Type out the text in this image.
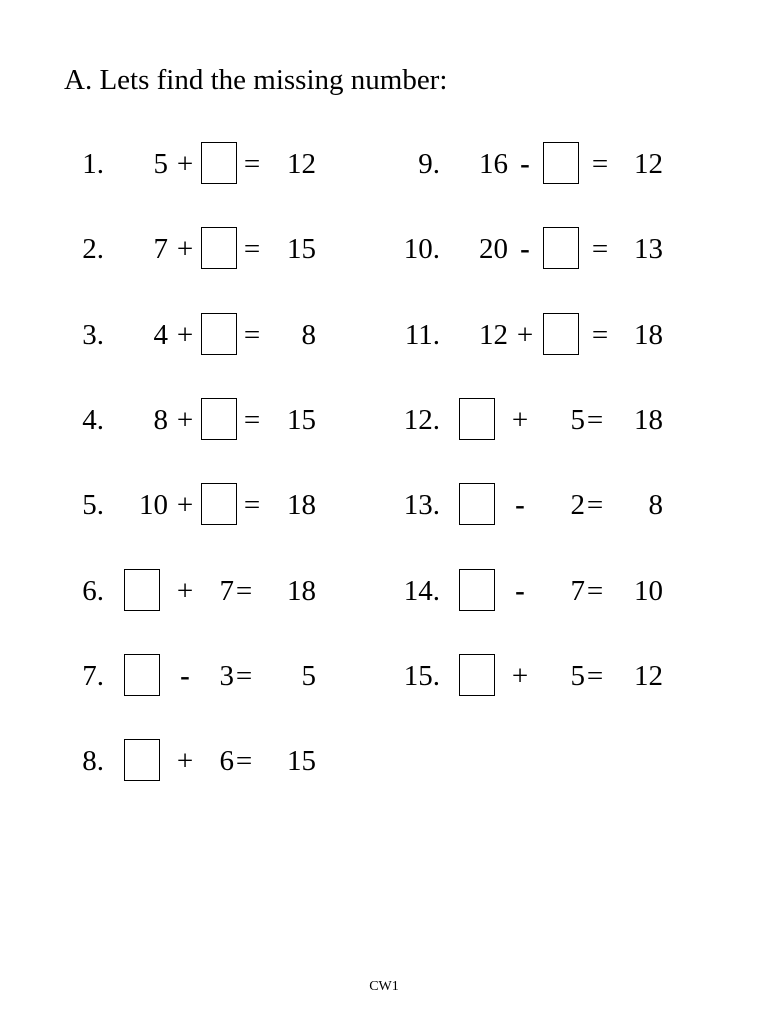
A. Lets find the missing number:
1.	5 + = 12
2.	7 + = 15
3.	4 + =	8
4.	8 + = 15
5.	10 + = 18
6.	+ 7 =	18
7.	-	3 =	5
8.	+ 6 =	15
9.	16 - = 12
10.	20 - = 13
11.	12 + = 18
12. +	5 =	18
13.	-	2 =	8
14.	-	7 =	10
15. +	5 =	12
CW1
